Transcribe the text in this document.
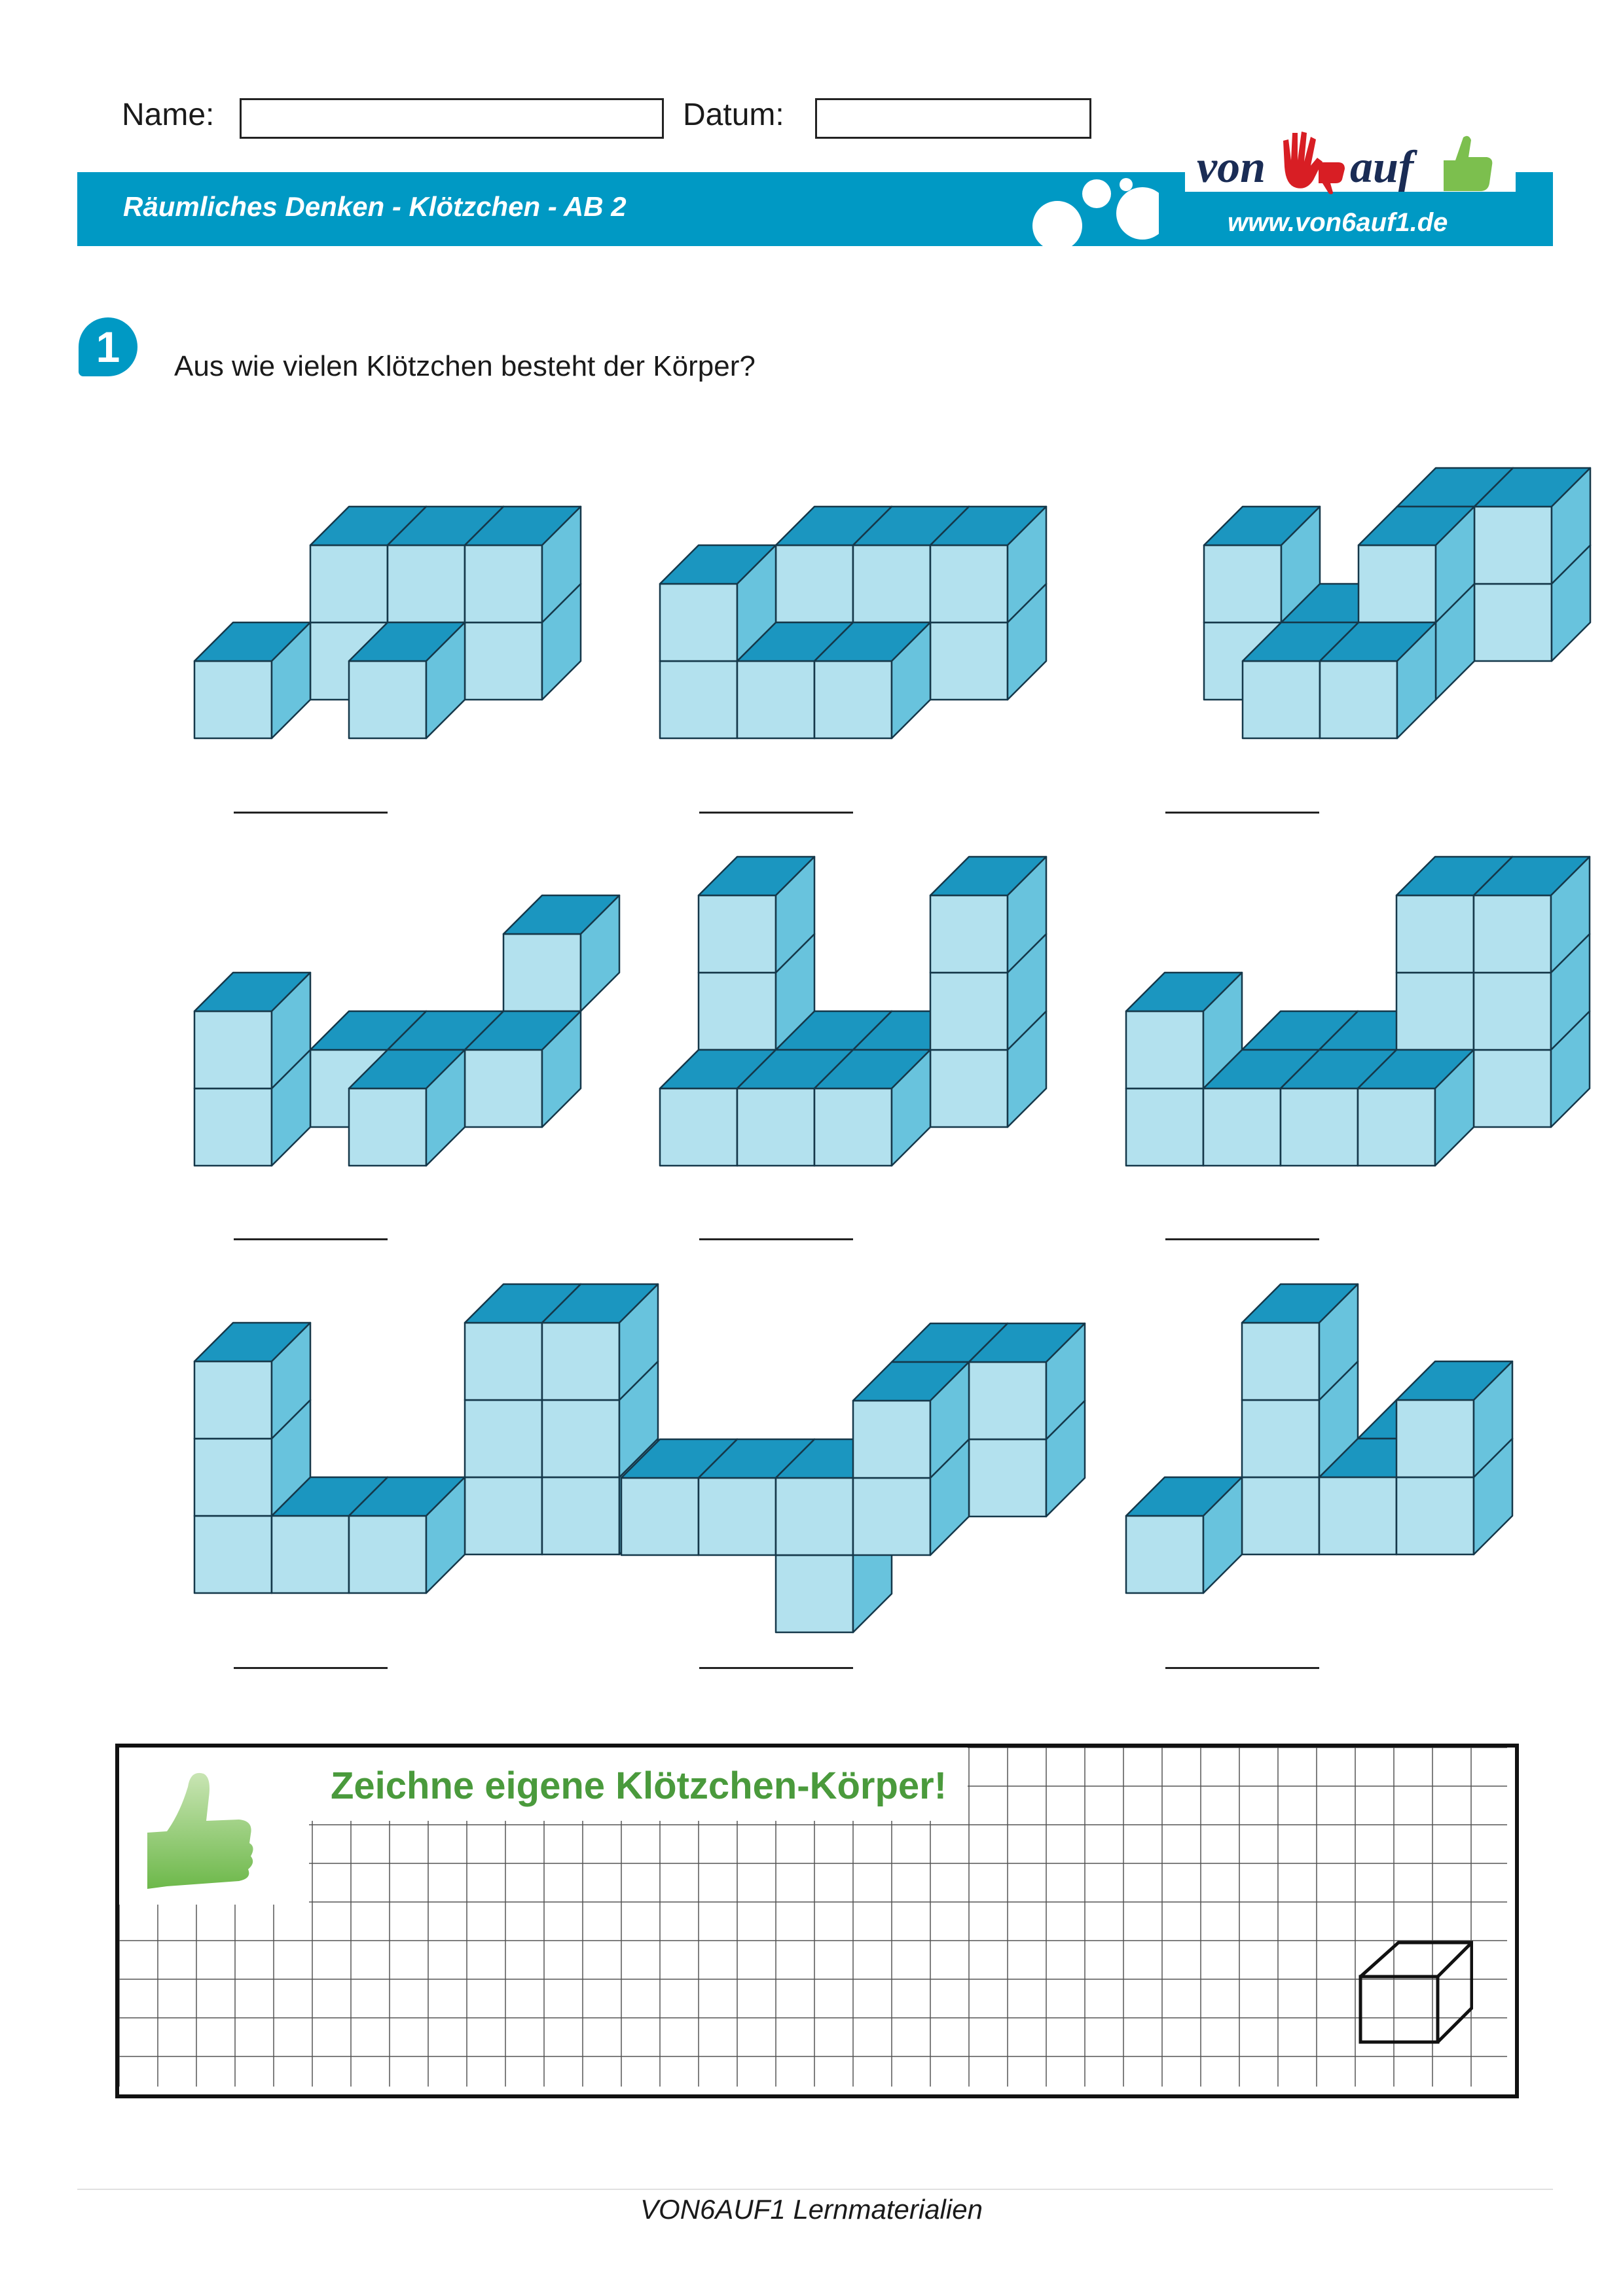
Name:	Datum:
Räumliches Denken - Klötzchen - AB 2
von auf
www.von6auf1.de
1	Aus wie vielen Klötzchen besteht der Körper?
Zeichne eigene Klötzchen-Körper!
VON6AUF1 Lernmaterialien
